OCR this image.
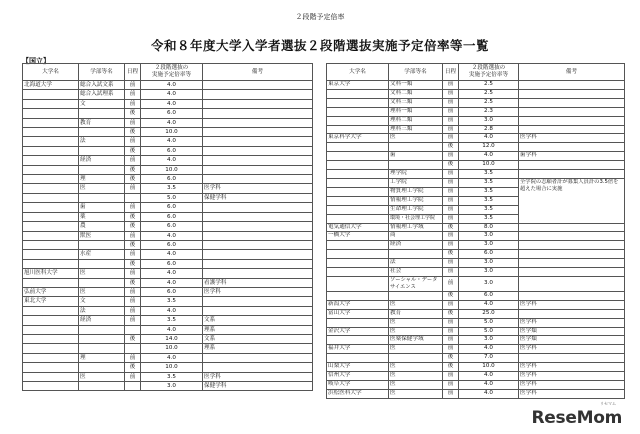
２段階予定倍率
令和８年度大学入学者選抜２段階選抜実施予定倍率等一覧
【国立】
大学名	学部等名	日程	２段階選抜の
実施予定倍率等	備考
北海道大学	総合入試文系	前	4.0	
	総合入試理系	前	4.0	
	文	前	4.0	
		後	6.0	
	教育	前	4.0	
		後	10.0	
	法	前	4.0	
		後	6.0	
	経済	前	4.0	
		後	10.0	
	理	後	6.0	
	医	前	3.5	医学科
			5.0	保健学科
	歯	前	6.0	
	薬	後	6.0	
	農	後	6.0	
	獣医	前	4.0	
		後	6.0	
	水産	前	4.0	
		後	6.0	
旭川医科大学	医	前	4.0	
		後	4.0	看護学科
弘前大学	医	前	6.0	医学科
東北大学	文	前	3.5	
	法	前	4.0	
	経済	前	3.5	文系
			4.0	理系
		後	14.0	文系
			10.0	理系
	理	前	4.0	
		後	10.0	
	医	前	3.5	医学科
			3.0	保健学科
大学名	学部等名	日程	２段階選抜の
実施予定倍率等	備考
東京大学	文科一類	前	2.5	
	文科二類	前	2.5	
	文科三類	前	2.5	
	理科一類	前	2.3	
	理科二類	前	3.0	
	理科三類	前	2.8	
東京科学大学	医	前	4.0	医学科
		後	12.0	
	歯	前	4.0	歯学科
		後	10.0	
	理学院	前	3.5	
	工学院	前	3.5	全学院の志願者計が募集人員計の3.5倍を超えた場合に実施
	物質理工学院	前	3.5	
	情報理工学院	前	3.5	
	生命理工学院	前	3.5	
	環境・社会理工学院	前	3.5	
電気通信大学	情報理工学域	後	8.0	
一橋大学	商	前	3.0	
	経済	前	3.0	
		後	6.0	
	法	前	3.0	
	社会	前	3.0	
	ソーシャル・データサイエンス	前	3.0	
		後	6.0	
新潟大学	医	前	4.0	医学科
富山大学	教育	後	25.0	
	医	前	5.0	医学科
金沢大学	医	前	5.0	医学類
	医薬保健学域	前	3.0	医学類
福井大学	医	前	4.0	医学科
		後	7.0	
山梨大学	医	後	10.0	医学科
信州大学	医	前	4.0	医学科
岐阜大学	医	前	4.0	医学科
浜松医科大学	医	前	4.0	医学科
リセマム
ReseMom
